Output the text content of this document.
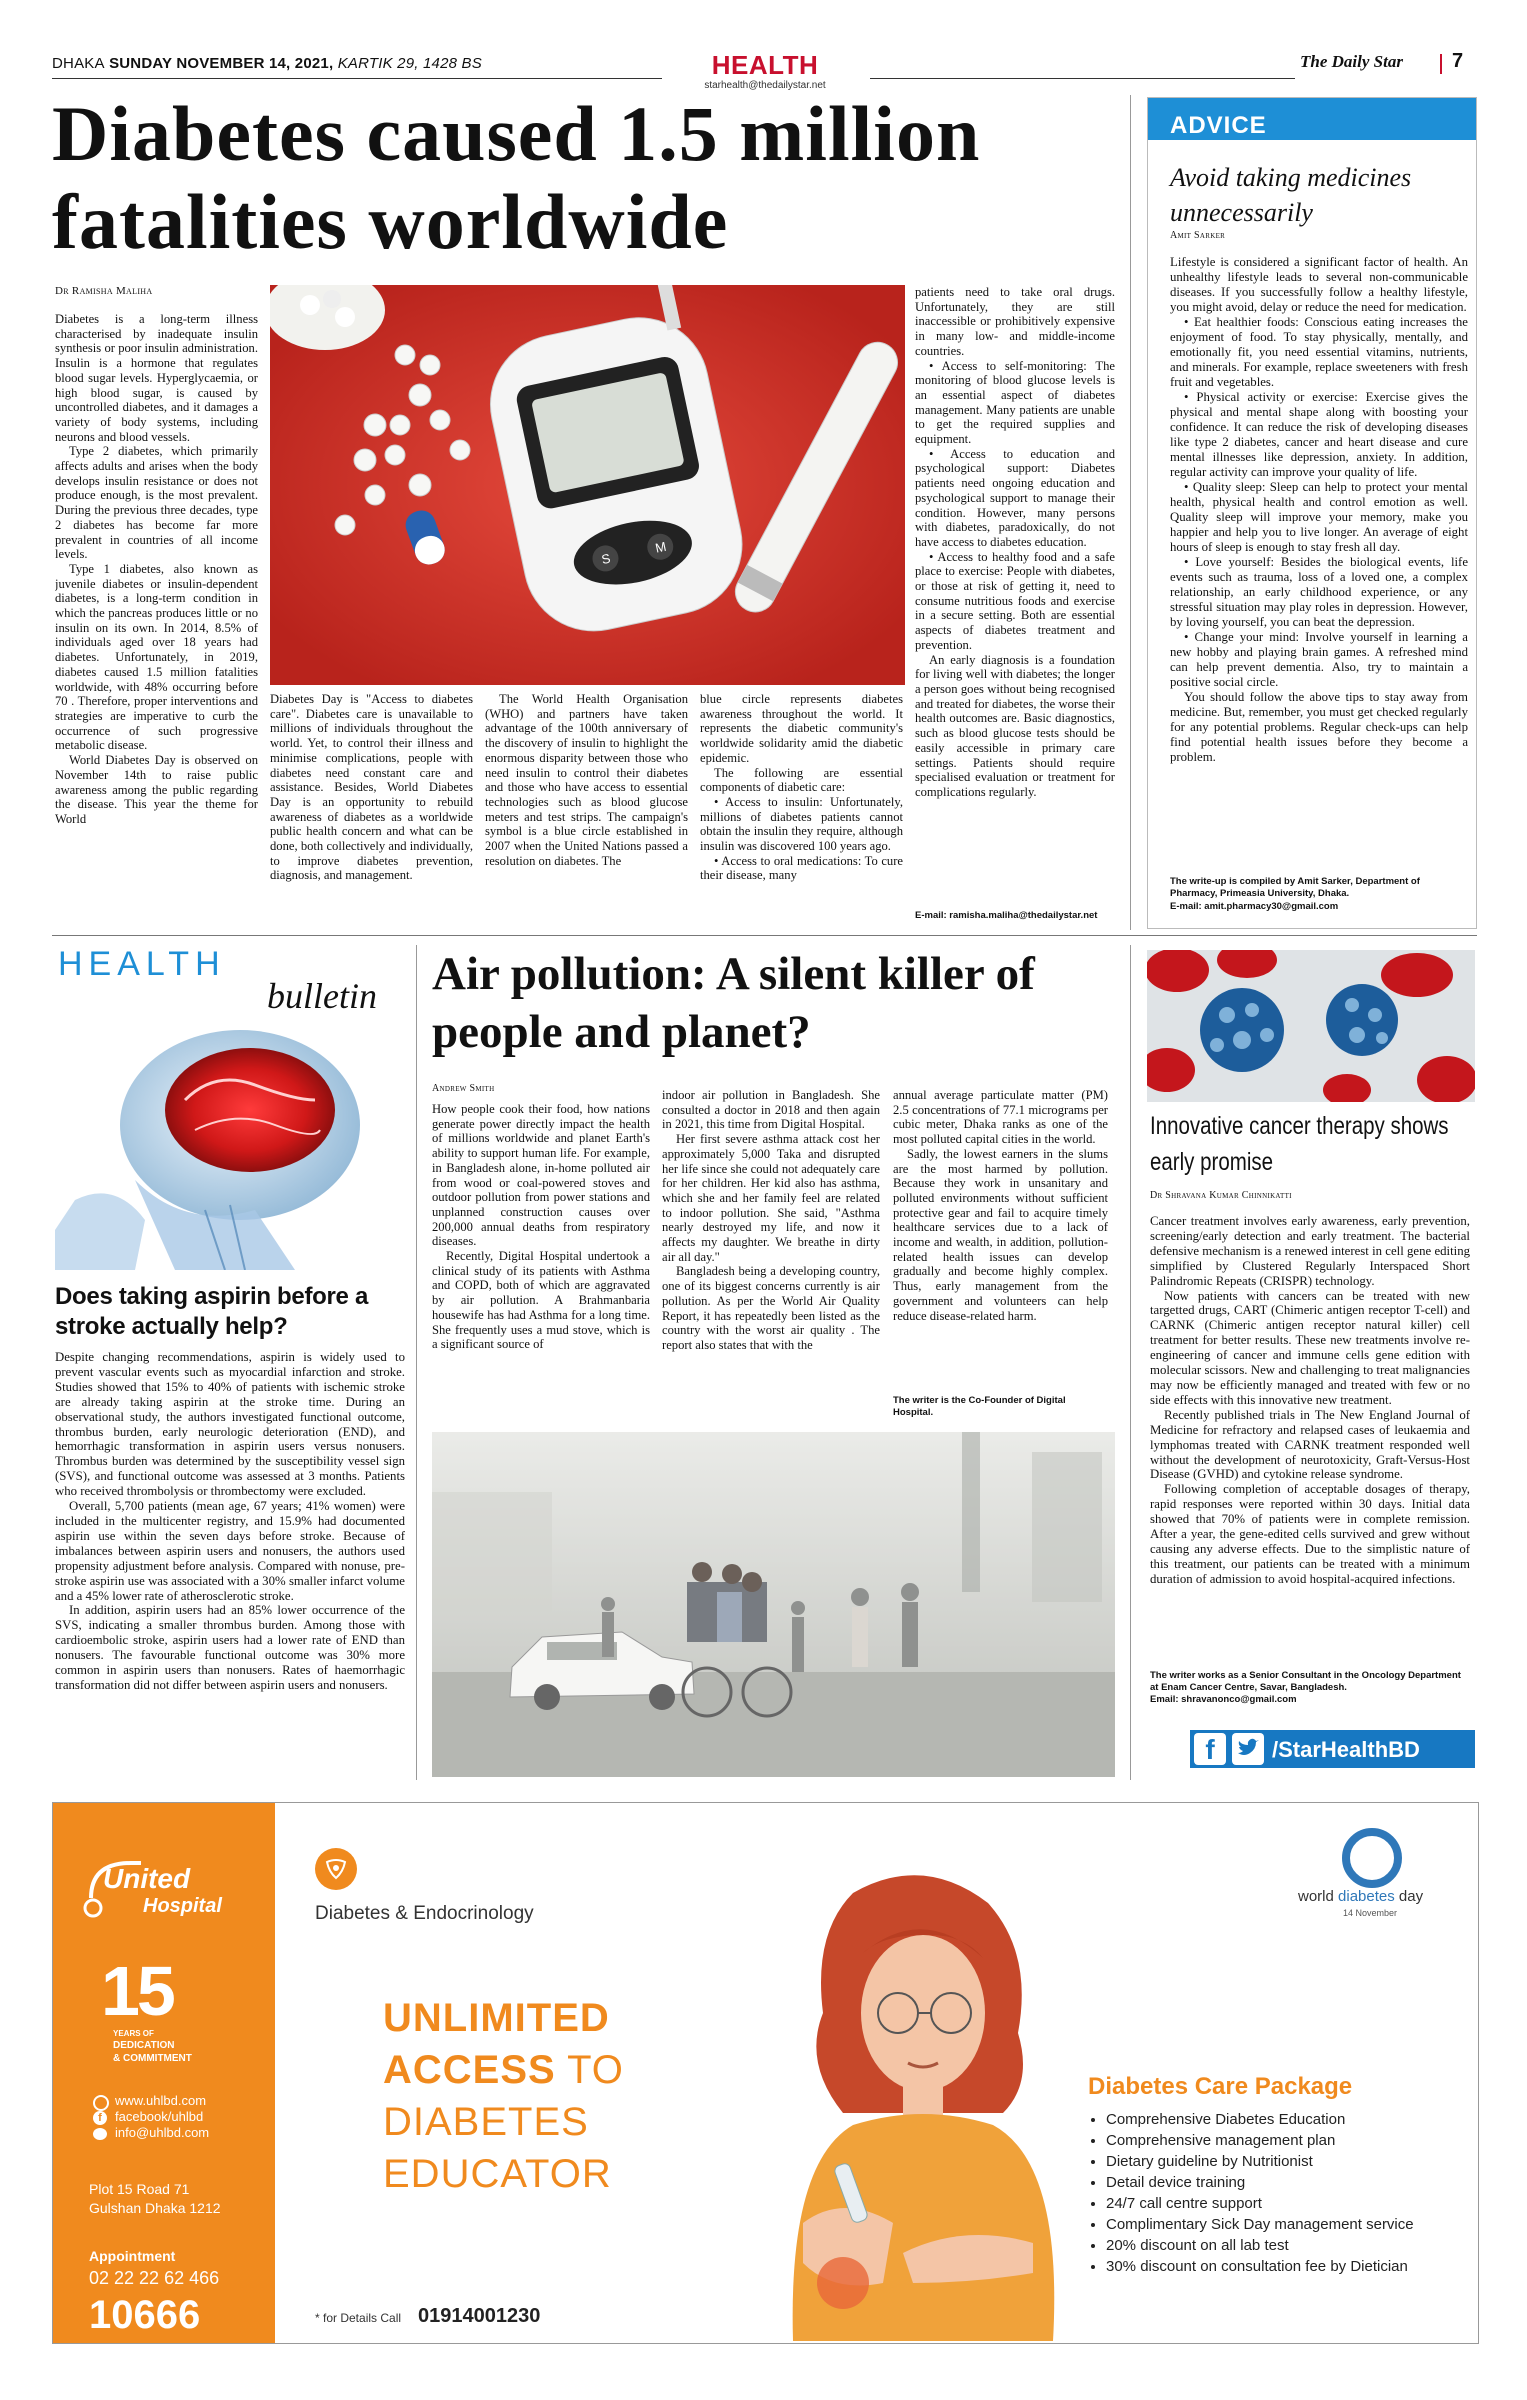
DHAKA SUNDAY NOVEMBER 14, 2021, KARTIK 29, 1428 BS	HEALTH
starhealth@thedailystar.net
The Daily Star 7
Diabetes caused 1.5 million fatalities worldwide
Dr Ramisha Maliha

Diabetes is a long-term illness characterised by inadequate insulin synthesis or poor insulin administration. Insulin is a hormone that regulates blood sugar levels. Hyperglycaemia, or high blood sugar, is caused by uncontrolled diabetes, and it damages a variety of body systems, including neurons and blood vessels.

Type 2 diabetes, which primarily affects adults and arises when the body develops insulin resistance or does not produce enough, is the most prevalent. During the previous three decades, type 2 diabetes has become far more prevalent in countries of all income levels.

Type 1 diabetes, also known as juvenile diabetes or insulin-dependent diabetes, is a long-term condition in which the pancreas produces little or no insulin on its own. In 2014, 8.5% of individuals aged over 18 years had diabetes. Unfortunately, in 2019, diabetes caused 1.5 million fatalities worldwide, with 48% occurring before 70 . Therefore, proper interventions and strategies are imperative to curb the occurrence of such progressive metabolic disease.

World Diabetes Day is observed on November 14th to raise public awareness among the public regarding the disease. This year the theme for World

S
M

Diabetes Day is "Access to diabetes care". Diabetes care is unavailable to millions of individuals throughout the world. Yet, to control their illness and minimise complications, people with diabetes need constant care and assistance. Besides, World Diabetes Day is an opportunity to rebuild awareness of diabetes as a worldwide public health concern and what can be done, both collectively and individually, to improve diabetes prevention, diagnosis, and management.

The World Health Organisation (WHO) and partners have taken advantage of the 100th anniversary of the discovery of insulin to highlight the enormous disparity between those who need insulin to control their diabetes and those who have access to essential technologies such as blood glucose meters and test strips. The campaign's symbol is a blue circle established in 2007 when the United Nations passed a resolution on diabetes. The

blue circle represents diabetes awareness throughout the world. It represents the diabetic community's worldwide solidarity amid the diabetic epidemic.

The following are essential components of diabetic care:

• Access to insulin: Unfortunately, millions of diabetes patients cannot obtain the insulin they require, although insulin was discovered 100 years ago.

• Access to oral medications: To cure their disease, many

patients need to take oral drugs. Unfortunately, they are still inaccessible or prohibitively expensive in many low- and middle-income countries.

• Access to self-monitoring: The monitoring of blood glucose levels is an essential aspect of diabetes management. Many patients are unable to get the required supplies and equipment.

• Access to education and psychological support: Diabetes patients need ongoing education and psychological support to manage their condition. However, many persons with diabetes, paradoxically, do not have access to diabetes education.

• Access to healthy food and a safe place to exercise: People with diabetes, or those at risk of getting it, need to consume nutritious foods and exercise in a secure setting. Both are essential aspects of diabetes treatment and prevention.

An early diagnosis is a foundation for living well with diabetes; the longer a person goes without being recognised and treated for diabetes, the worse their health outcomes are. Basic diagnostics, such as blood glucose tests should be easily accessible in primary care settings. Patients should require specialised evaluation or treatment for complications regularly.

E-mail: ramisha.maliha@thedailystar.net
ADVICE
Avoid taking medicines unnecessarily
Amit Sarker

Lifestyle is considered a significant factor of health. An unhealthy lifestyle leads to several non-communicable diseases. If you successfully follow a healthy lifestyle, you might avoid, delay or reduce the need for medication.

• Eat healthier foods: Conscious eating increases the enjoyment of food. To stay physically, mentally, and emotionally fit, you need essential vitamins, nutrients, and minerals. For example, replace sweeteners with fresh fruit and vegetables.

• Physical activity or exercise: Exercise gives the physical and mental shape along with boosting your confidence. It can reduce the risk of developing diseases like type 2 diabetes, cancer and heart disease and cure mental illnesses like depression, anxiety. In addition, regular activity can improve your quality of life.

• Quality sleep: Sleep can help to protect your mental health, physical health and control emotion as well. Quality sleep will improve your memory, make you happier and help you to live longer. An average of eight hours of sleep is enough to stay fresh all day.

• Love yourself: Besides the biological events, life events such as trauma, loss of a loved one, a complex relationship, an early childhood experience, or any stressful situation may play roles in depression. However, by loving yourself, you can beat the depression.

• Change your mind: Involve yourself in learning a new hobby and playing brain games. A refreshed mind can help prevent dementia. Also, try to maintain a positive social circle.

You should follow the above tips to stay away from medicine. But, remember, you must get checked regularly for any potential problems. Regular check-ups can help find potential health issues before they become a problem.

The write-up is compiled by Amit Sarker, Department of Pharmacy, Primeasia University, Dhaka.
E-mail: amit.pharmacy30@gmail.com
HEALTH
bulletin
Does taking aspirin before a stroke actually help?

Despite changing recommendations, aspirin is widely used to prevent vascular events such as myocardial infarction and stroke. Studies showed that 15% to 40% of patients with ischemic stroke are already taking aspirin at the stroke time. During an observational study, the authors investigated functional outcome, thrombus burden, early neurologic deterioration (END), and hemorrhagic transformation in aspirin users versus nonusers. Thrombus burden was determined by the susceptibility vessel sign (SVS), and functional outcome was assessed at 3 months. Patients who received thrombolysis or thrombectomy were excluded.

Overall, 5,700 patients (mean age, 67 years; 41% women) were included in the multicenter registry, and 15.9% had documented aspirin use within the seven days before stroke. Because of imbalances between aspirin users and nonusers, the authors used propensity adjustment before analysis. Compared with nonuse, pre-stroke aspirin use was associated with a 30% smaller infarct volume and a 45% lower rate of atherosclerotic stroke.

In addition, aspirin users had an 85% lower occurrence of the SVS, indicating a smaller thrombus burden. Among those with cardioembolic stroke, aspirin users had a lower rate of END than nonusers. The favourable functional outcome was 30% more common in aspirin users than nonusers. Rates of haemorrhagic transformation did not differ between aspirin users and nonusers.

Air pollution: A silent killer of people and planet?
Andrew Smith

How people cook their food, how nations generate power directly impact the health of millions worldwide and planet Earth's ability to support human life. For example, in Bangladesh alone, in-home polluted air from wood or coal-powered stoves and outdoor pollution from power stations and unplanned construction causes over 200,000 annual deaths from respiratory diseases.

Recently, Digital Hospital undertook a clinical study of its patients with Asthma and COPD, both of which are aggravated by air pollution. A Brahmanbaria housewife has had Asthma for a long time. She frequently uses a mud stove, which is a significant source of

indoor air pollution in Bangladesh. She consulted a doctor in 2018 and then again in 2021, this time from Digital Hospital.

Her first severe asthma attack cost her approximately 5,000 Taka and disrupted her life since she could not adequately care for her children. Her kid also has asthma, which she and her family feel are related to indoor pollution. She said, "Asthma nearly destroyed my life, and now it affects my daughter. We breathe in dirty air all day."

Bangladesh being a developing country, one of its biggest concerns currently is air pollution. As per the World Air Quality Report, it has repeatedly been listed as the country with the worst air quality . The report also states that with the

annual average particulate matter (PM) 2.5 concentrations of 77.1 micrograms per cubic meter, Dhaka ranks as one of the most polluted capital cities in the world.

Sadly, the lowest earners in the slums are the most harmed by pollution. Because they work in unsanitary and polluted environments without sufficient protective gear and fail to acquire timely healthcare services due to a lack of income and wealth, in addition, pollution-related health issues can develop gradually and become highly complex. Thus, early management from the government and volunteers can help reduce disease-related harm.

The writer is the Co-Founder of Digital Hospital.
Innovative cancer therapy shows early promise
Dr Shravana Kumar Chinnikatti

Cancer treatment involves early awareness, early prevention, screening/early detection and early treatment. The bacterial defensive mechanism is a renewed interest in cell gene editing simplified by Clustered Regularly Interspaced Short Palindromic Repeats (CRISPR) technology.

Now patients with cancers can be treated with new targetted drugs, CART (Chimeric antigen receptor T-cell) and CARNK (Chimeric antigen receptor natural killer) cell treatment for better results. These new treatments involve re-engineering of cancer and immune cells gene edition with molecular scissors. New and challenging to treat malignancies may now be efficiently managed and treated with few or no side effects with this innovative new treatment.

Recently published trials in The New England Journal of Medicine for refractory and relapsed cases of leukaemia and lymphomas treated with CARNK treatment responded well without the development of neurotoxicity, Graft-Versus-Host Disease (GVHD) and cytokine release syndrome.

Following completion of acceptable dosages of therapy, rapid responses were reported within 30 days. Initial data showed that 70% of patients were in complete remission. After a year, the gene-edited cells survived and grew without causing any adverse effects. Due to the simplistic nature of this treatment, our patients can be treated with a minimum duration of admission to avoid hospital-acquired infections.

The writer works as a Senior Consultant in the Oncology Department at Enam Cancer Centre, Savar, Bangladesh.
Email: shravanonco@gmail.com
f	/StarHealthBD
United
Hospital
15
YEARS OF
DEDICATION
& COMMITMENT
www.uhlbd.com
f	facebook/uhlbd
info@uhlbd.com
Plot 15 Road 71
Gulshan Dhaka 1212
Appointment
02 22 22 62 466
10666
Diabetes & Endocrinology
UNLIMITED
ACCESS TO
DIABETES
EDUCATOR
* for Details Call 01914001230
world diabetes day
14 November
Diabetes Care Package
• Comprehensive Diabetes Education
• Comprehensive management plan
• Dietary guideline by Nutritionist
• Detail device training
• 24/7 call centre support
• Complimentary Sick Day management service
• 20% discount on all lab test
• 30% discount on consultation fee by Dietician
